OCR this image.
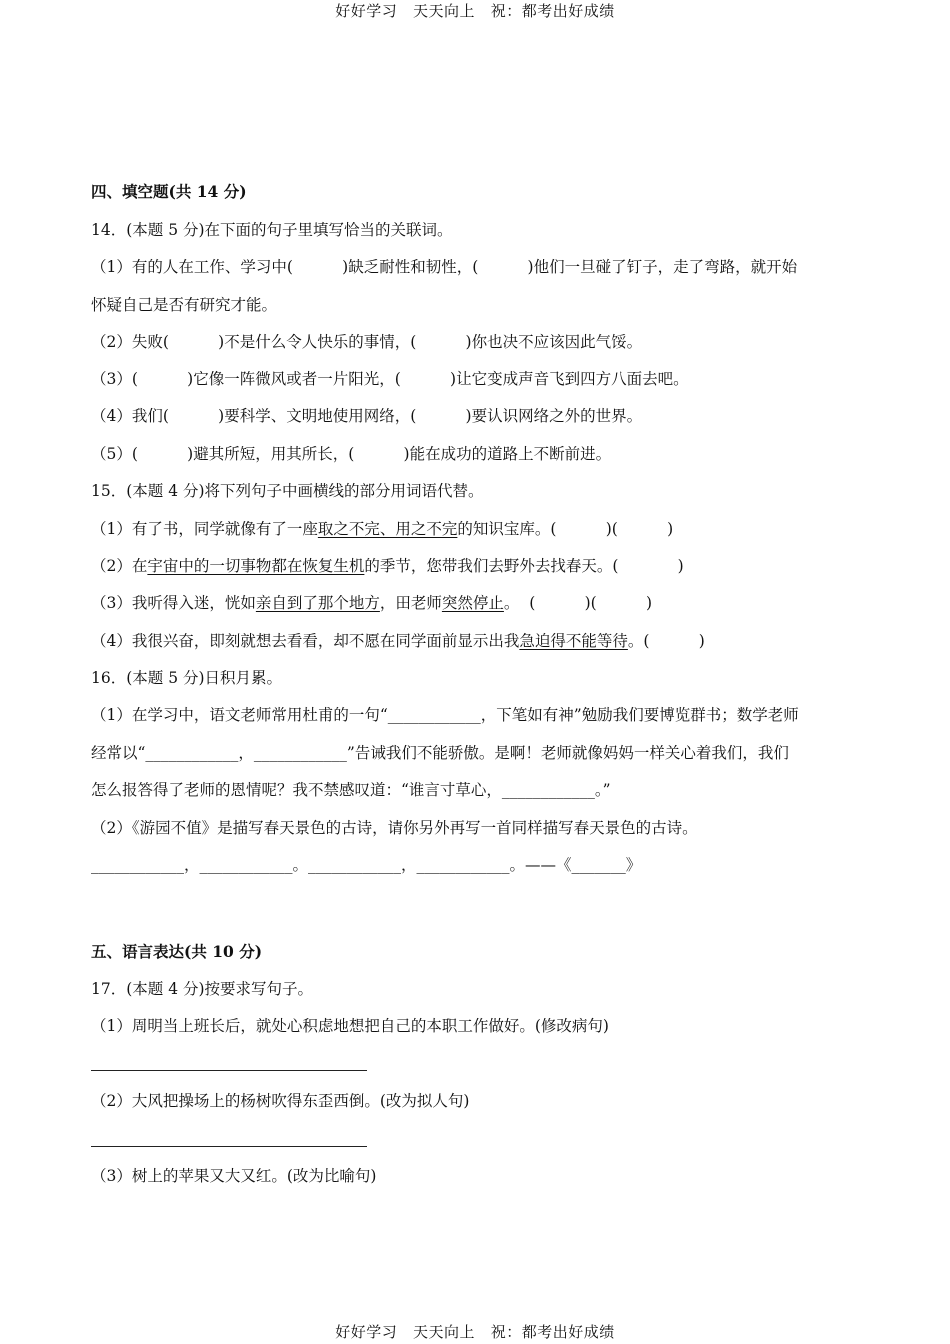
好好学习   天天向上   祝：都考出好成绩
四、填空题(共 14 分)
14．(本题 5 分)在下面的句子里填写恰当的关联词。
（1）有的人在工作、学习中(          )缺乏耐性和韧性，(          )他们一旦碰了钉子，走了弯路，就开始
怀疑自己是否有研究才能。
（2）失败(          )不是什么令人快乐的事情，(          )你也决不应该因此气馁。
（3）(          )它像一阵微风或者一片阳光，(          )让它变成声音飞到四方八面去吧。
（4）我们(          )要科学、文明地使用网络，(          )要认识网络之外的世界。
（5）(          )避其所短，用其所长，(          )能在成功的道路上不断前进。
15．(本题 4 分)将下列句子中画横线的部分用词语代替。
（1）有了书，同学就像有了一座取之不完、用之不完的知识宝库。(          )(          )
（2）在宇宙中的一切事物都在恢复生机的季节，您带我们去野外去找春天。(            )
（3）我听得入迷，恍如亲自到了那个地方，田老师突然停止。  (          )(          )
（4）我很兴奋，即刻就想去看看，却不愿在同学面前显示出我急迫得不能等待。(          )
16．(本题 5 分)日积月累。
（1）在学习中，语文老师常用杜甫的一句“____________，下笔如有神”勉励我们要博览群书；数学老师
经常以“____________，____________”告诫我们不能骄傲。是啊！老师就像妈妈一样关心着我们，我们
怎么报答得了老师的恩情呢？我不禁感叹道：“谁言寸草心，____________。”
（2）《游园不值》是描写春天景色的古诗，请你另外再写一首同样描写春天景色的古诗。
____________，____________。____________，____________。——《_______》
五、语言表达(共 10 分)
17．(本题 4 分)按要求写句子。
（1）周明当上班长后，就处心积虑地想把自己的本职工作做好。(修改病句)
（2）大风把操场上的杨树吹得东歪西倒。(改为拟人句)
（3）树上的苹果又大又红。(改为比喻句)
好好学习   天天向上   祝：都考出好成绩
